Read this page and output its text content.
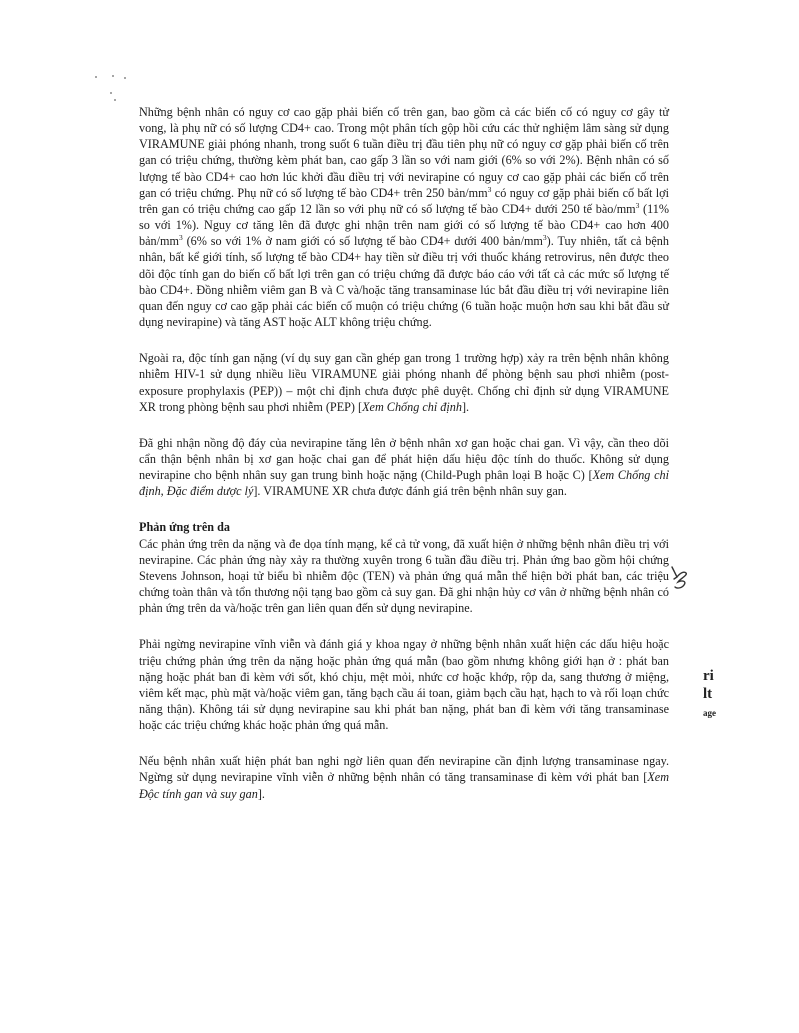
Những bệnh nhân có nguy cơ cao gặp phải biến cố trên gan, bao gồm cả các biến cố có nguy cơ gây tử vong, là phụ nữ có số lượng CD4+ cao. Trong một phân tích gộp hồi cứu các thử nghiệm lâm sàng sử dụng VIRAMUNE giải phóng nhanh, trong suốt 6 tuần điều trị đầu tiên phụ nữ có nguy cơ gặp phải biến cố trên gan có triệu chứng, thường kèm phát ban, cao gấp 3 lần so với nam giới (6% so với 2%). Bệnh nhân có số lượng tế bào CD4+ cao hơn lúc khởi đầu điều trị với nevirapine có nguy cơ cao gặp phải các biến cố trên gan có triệu chứng. Phụ nữ có số lượng tế bào CD4+ trên 250 bản/$mm^3$ có nguy cơ gặp phải biến cố bất lợi trên gan có triệu chứng cao gấp 12 lần so với phụ nữ có số lượng tế bào CD4+ dưới 250 tế bào/$mm^3$ (11% so với 1%). Nguy cơ tăng lên đã được ghi nhận trên nam giới có số lượng tế bào CD4+ cao hơn 400 bản/$mm^3$ (6% so với 1% ở nam giới có số lượng tế bào CD4+ dưới 400 bản/$mm^3$). Tuy nhiên, tất cả bệnh nhân, bất kể giới tính, số lượng tế bào CD4+ hay tiền sử điều trị với thuốc kháng retrovirus, nên được theo dõi độc tính gan do biến cố bất lợi trên gan có triệu chứng đã được báo cáo với tất cả các mức số lượng tế bào CD4+. Đồng nhiễm viêm gan B và C và/hoặc tăng transaminase lúc bắt đầu điều trị với nevirapine liên quan đến nguy cơ cao gặp phải các biến cố muộn có triệu chứng (6 tuần hoặc muộn hơn sau khi bắt đầu sử dụng nevirapine) và tăng AST hoặc ALT không triệu chứng.

Ngoài ra, độc tính gan nặng (ví dụ suy gan cần ghép gan trong 1 trường hợp) xảy ra trên bệnh nhân không nhiễm HIV-1 sử dụng nhiều liều VIRAMUNE giải phóng nhanh để phòng bệnh sau phơi nhiễm (post-exposure prophylaxis (PEP)) – một chỉ định chưa được phê duyệt. Chống chỉ định sử dụng VIRAMUNE XR trong phòng bệnh sau phơi nhiễm (PEP) [Xem Chống chỉ định].

Đã ghi nhận nồng độ đáy của nevirapine tăng lên ở bệnh nhân xơ gan hoặc chai gan. Vì vậy, cần theo dõi cẩn thận bệnh nhân bị xơ gan hoặc chai gan để phát hiện dấu hiệu độc tính do thuốc. Không sử dụng nevirapine cho bệnh nhân suy gan trung bình hoặc nặng (Child-Pugh phân loại B hoặc C) [Xem Chống chỉ định, Đặc điểm dược lý]. VIRAMUNE XR chưa được đánh giá trên bệnh nhân suy gan.

Phản ứng trên da
Các phản ứng trên da nặng và đe dọa tính mạng, kể cả tử vong, đã xuất hiện ở những bệnh nhân điều trị với nevirapine. Các phản ứng này xảy ra thường xuyên trong 6 tuần đầu điều trị. Phản ứng bao gồm hội chứng Stevens Johnson, hoại tử biểu bì nhiễm độc (TEN) và phản ứng quá mẫn thể hiện bởi phát ban, các triệu chứng toàn thân và tổn thương nội tạng bao gồm cả suy gan. Đã ghi nhận hủy cơ vân ở những bệnh nhân có phản ứng trên da và/hoặc trên gan liên quan đến sử dụng nevirapine.

Phải ngừng nevirapine vĩnh viễn và đánh giá y khoa ngay ở những bệnh nhân xuất hiện các dấu hiệu hoặc triệu chứng phản ứng trên da nặng hoặc phản ứng quá mẫn (bao gồm nhưng không giới hạn ở : phát ban nặng hoặc phát ban đi kèm với sốt, khó chịu, mệt mỏi, nhức cơ hoặc khớp, rộp da, sang thương ở miệng, viêm kết mạc, phù mặt và/hoặc viêm gan, tăng bạch cầu ái toan, giảm bạch cầu hạt, hạch to và rối loạn chức năng thận). Không tái sử dụng nevirapine sau khi phát ban nặng, phát ban đi kèm với tăng transaminase hoặc các triệu chứng khác hoặc phản ứng quá mẫn.

Nếu bệnh nhân xuất hiện phát ban nghi ngờ liên quan đến nevirapine cần định lượng transaminase ngay. Ngừng sử dụng nevirapine vĩnh viễn ở những bệnh nhân có tăng transaminase đi kèm với phát ban [Xem Độc tính gan và suy gan].

ri
lt
age
